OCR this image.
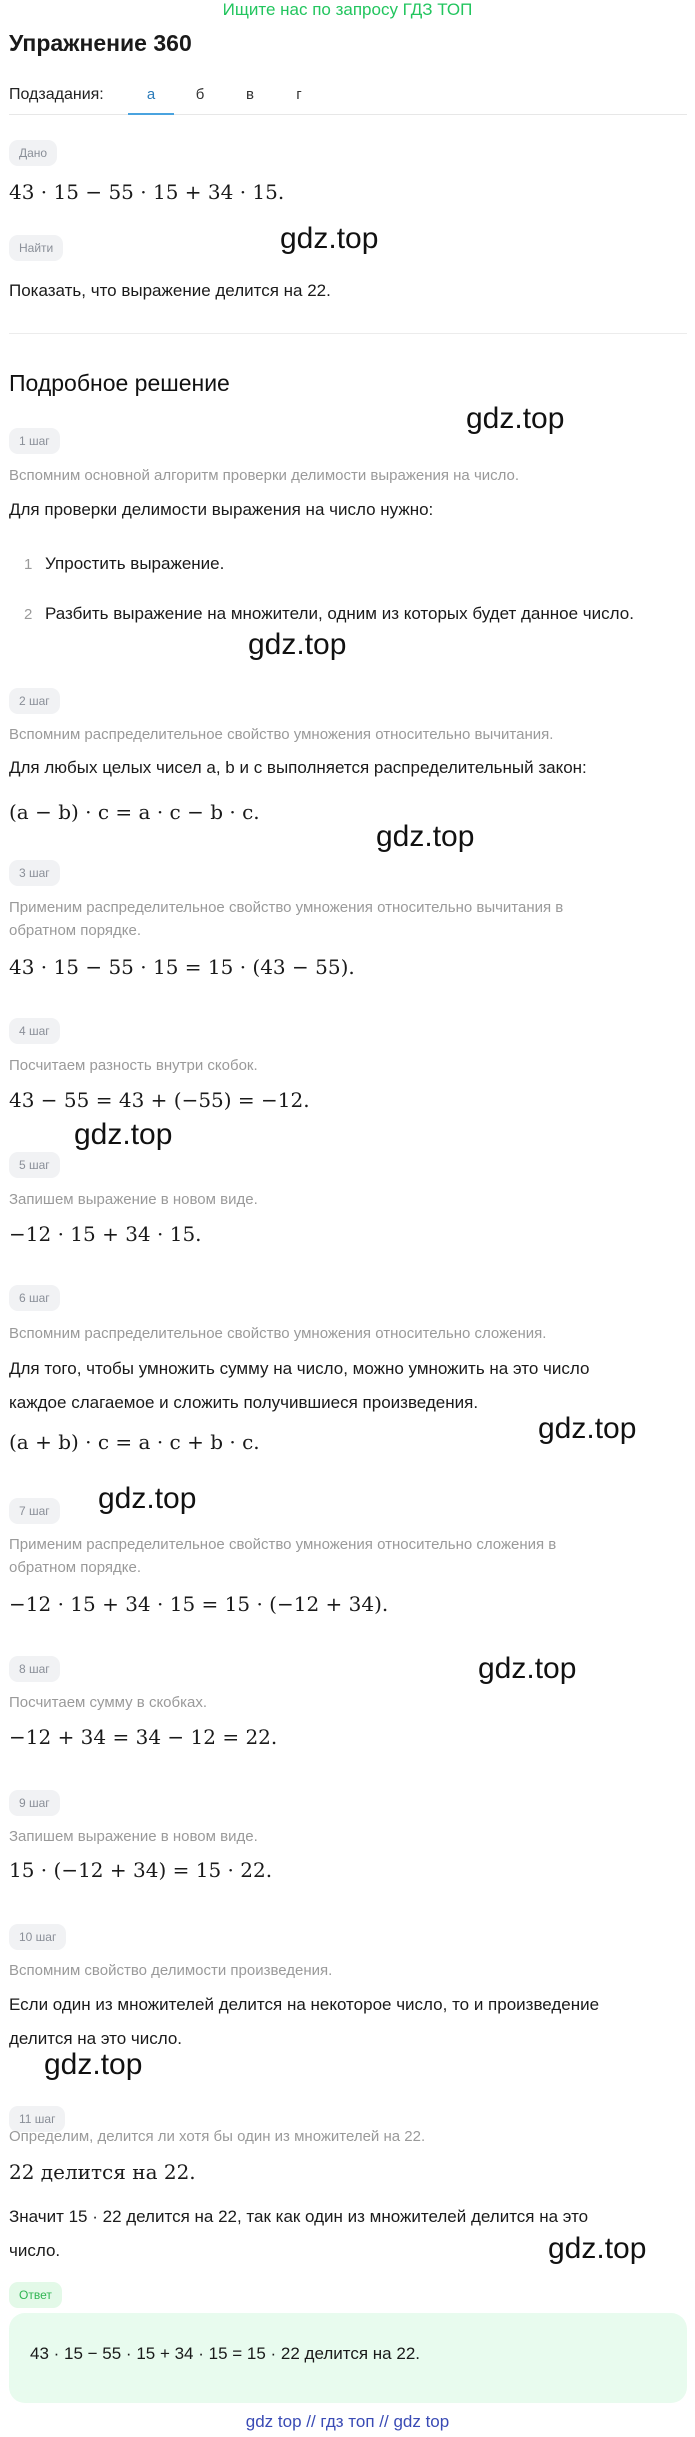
Ищите нас по запросу ГДЗ ТОП
Упражнение 360
Подзадания:	а	б	в	г
Дано
43 · 15 − 55 · 15 + 34 · 15.
Найти
Показать, что выражение делится на 22.
Подробное решение
1 шаг
Вспомним основной алгоритм проверки делимости выражения на число.
Для проверки делимости выражения на число нужно:
1 Упростить выражение.
2 Разбить выражение на множители, одним из которых будет данное число.
2 шаг
Вспомним распределительное свойство умножения относительно вычитания.
Для любых целых чисел a, b и c выполняется распределительный закон:
(a − b) · c = a · c − b · c.
3 шаг
Применим распределительное свойство умножения относительно вычитания в
обратном порядке.
43 · 15 − 55 · 15 = 15 · (43 − 55).
4 шаг
Посчитаем разность внутри скобок.
43 − 55 = 43 + (−55) = −12.
5 шаг
Запишем выражение в новом виде.
−12 · 15 + 34 · 15.
6 шаг
Вспомним распределительное свойство умножения относительно сложения.
Для того, чтобы умножить сумму на число, можно умножить на это число
каждое слагаемое и сложить получившиеся произведения.
(a + b) · c = a · c + b · c.
7 шаг
Применим распределительное свойство умножения относительно сложения в
обратном порядке.
−12 · 15 + 34 · 15 = 15 · (−12 + 34).
8 шаг
Посчитаем сумму в скобках.
−12 + 34 = 34 − 12 = 22.
9 шаг
Запишем выражение в новом виде.
15 · (−12 + 34) = 15 · 22.
10 шаг
Вспомним свойство делимости произведения.
Если один из множителей делится на некоторое число, то и произведение
делится на это число.
11 шаг
Определим, делится ли хотя бы один из множителей на 22.
22 делится на 22.
Значит 15 · 22 делится на 22, так как один из множителей делится на это
число.
Ответ
43 · 15 − 55 · 15 + 34 · 15 = 15 · 22 делится на 22.
gdz.top
gdz.top
gdz.top
gdz.top
gdz.top
gdz.top
gdz.top
gdz.top
gdz.top
gdz.top
gdz top // гдз топ // gdz top
